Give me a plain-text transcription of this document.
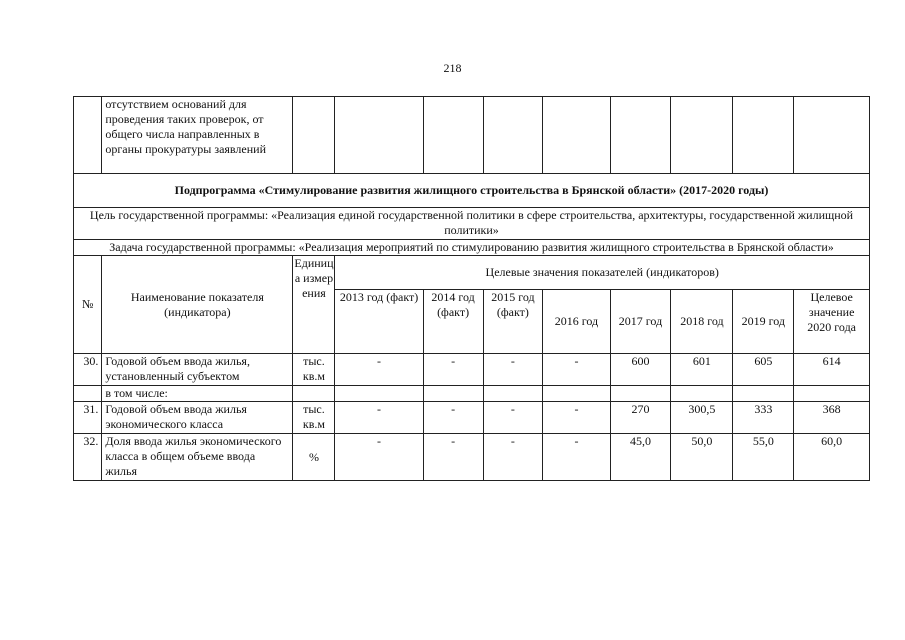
218
	отсутствием оснований для проведения таких проверок, от общего числа направленных в органы прокуратуры заявлений									
Подпрограмма «Стимулирование развития жилищного строительства в Брянской области» (2017-2020 годы)										
Цель государственной программы: «Реализация единой государственной политики в сфере строительства, архитектуры, государственной жилищной политики»										
Задача государственной программы: «Реализация мероприятий по стимулированию развития жилищного строительства в Брянской области»										
№	Наименование показателя (индикатора)	Единица измерения	Целевые значения показателей (индикаторов)							
			2013 год (факт)	2014 год (факт)	2015 год (факт)	2016 год	2017 год	2018 год	2019 год	Целевое значение 2020 года
30.	Годовой объем ввода жилья, установленный субъектом	тыс. кв.м	-	-	-	-	600	601	605	614
	в том числе:									
31.	Годовой объем ввода жилья экономического класса	тыс. кв.м	-	-	-	-	270	300,5	333	368
32.	Доля ввода жилья экономического класса в общем объеме ввода жилья	%	-	-	-	-	45,0	50,0	55,0	60,0
